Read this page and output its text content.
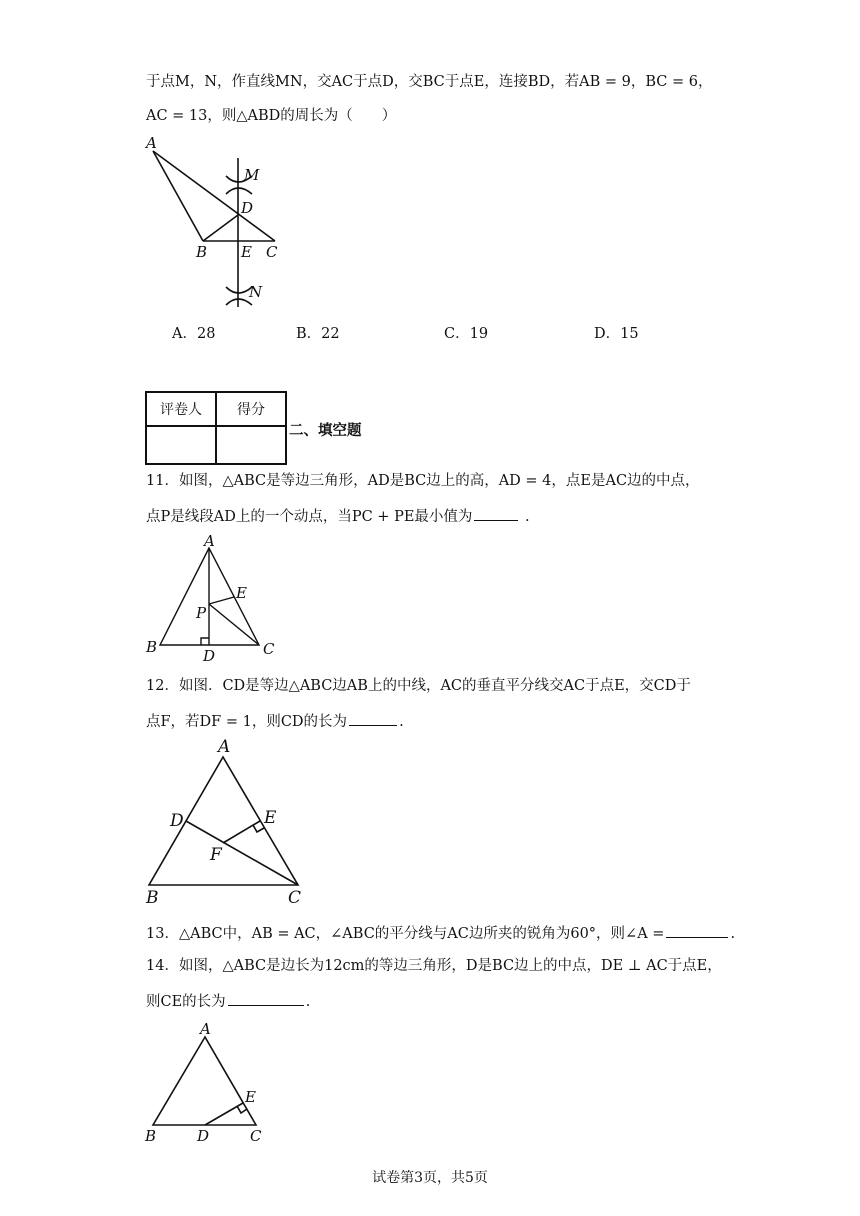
于点M，N，作直线MN，交AC于点D，交BC于点E，连接BD，若AB = 9，BC = 6，
AC = 13，则△ABD的周长为（　　）
A
B	C
D
E
M
N
A．28	B．22	C．19	D．15
评卷人	得分

二、填空题
11．如图，△ABC是等边三角形，AD是BC边上的高，AD = 4，点E是AC边的中点，
点P是线段AD上的一个动点，当PC + PE最小值为	.
A
B	C
D
E
P
12．如图．CD是等边△ABC边AB上的中线，AC的垂直平分线交AC于点E，交CD于
点F，若DF = 1，则CD的长为	.
A
B	C
D	E
F
13．△ABC中，AB = AC，∠ABC的平分线与AC边所夹的锐角为60°，则∠A =	.
14．如图，△ABC是边长为12cm的等边三角形，D是BC边上的中点，DE ⊥ AC于点E，
则CE的长为	.
A
B	C
D
E
试卷第3页，共5页
